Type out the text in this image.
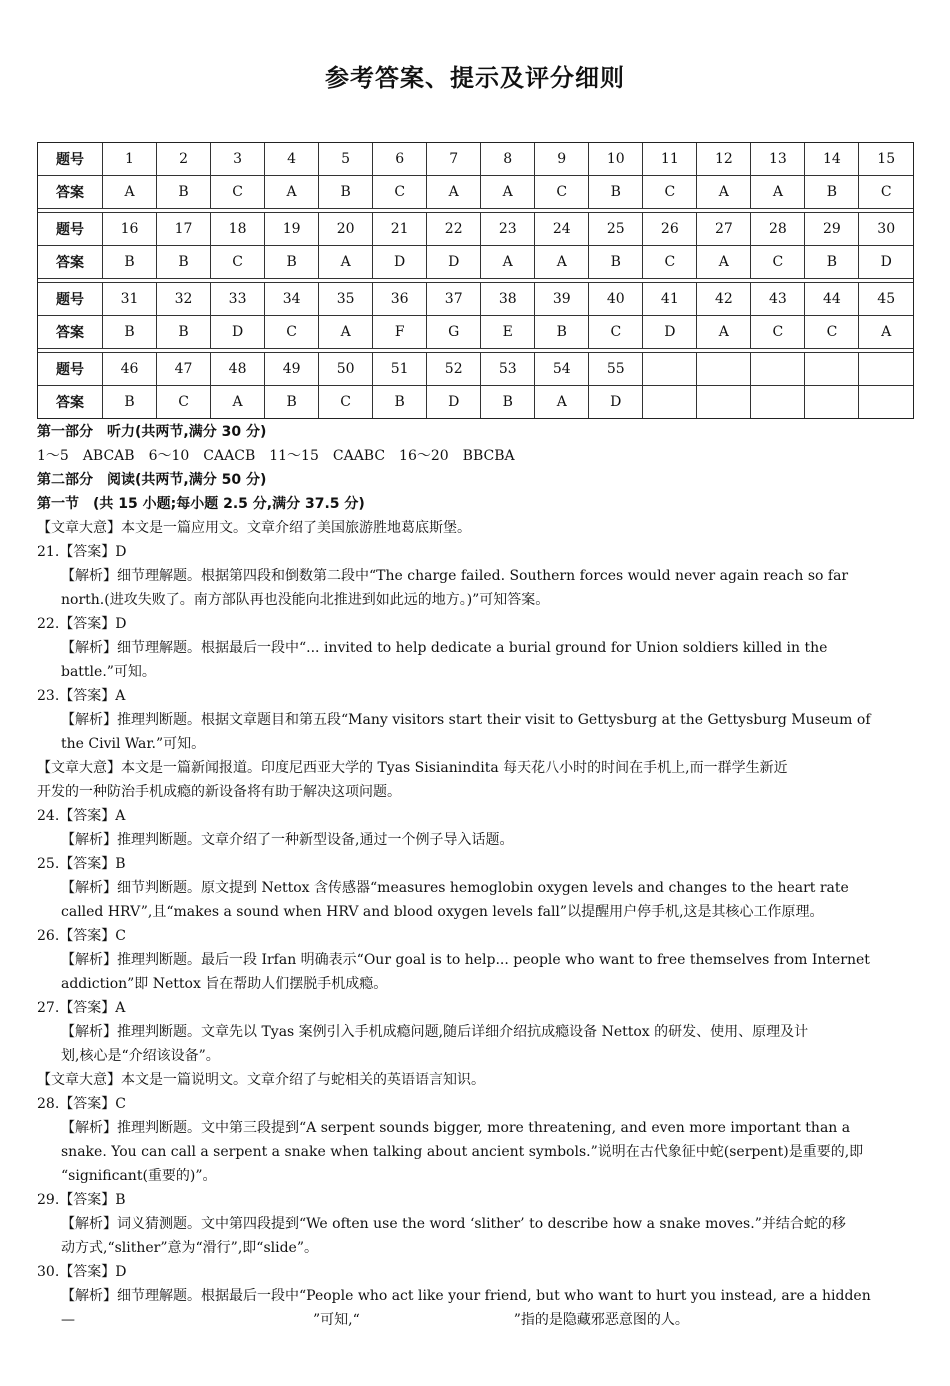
参考答案、提示及评分细则
题号	1	2	3	4	5	6	7	8	9	10	11	12	13	14	15
答案	A	B	C	A	B	C	A	A	C	B	C	A	A	B	C
题号	16	17	18	19	20	21	22	23	24	25	26	27	28	29	30
答案	B	B	C	B	A	D	D	A	A	B	C	A	C	B	D
题号	31	32	33	34	35	36	37	38	39	40	41	42	43	44	45
答案	B	B	D	C	A	F	G	E	B	C	D	A	C	C	A
题号	46	47	48	49	50	51	52	53	54	55					
答案	B	C	A	B	C	B	D	B	A	D					
第一部分　听力(共两节,满分 30 分)
1～5　ABCAB　6～10　CAACB　11～15　CAABC　16～20　BBCBA
第二部分　阅读(共两节,满分 50 分)
第一节　(共 15 小题;每小题 2.5 分,满分 37.5 分)
【文章大意】本文是一篇应用文。文章介绍了美国旅游胜地葛底斯堡。
21.【答案】D
【解析】细节理解题。根据第四段和倒数第二段中“The charge failed. Southern forces would never again reach so far
north.(进攻失败了。南方部队再也没能向北推进到如此远的地方。)”可知答案。
22.【答案】D
【解析】细节理解题。根据最后一段中“... invited to help dedicate a burial ground for Union soldiers killed in the
battle.”可知。
23.【答案】A
【解析】推理判断题。根据文章题目和第五段“Many visitors start their visit to Gettysburg at the Gettysburg Museum of
the Civil War.”可知。
【文章大意】本文是一篇新闻报道。印度尼西亚大学的 Tyas Sisianindita 每天花八小时的时间在手机上,而一群学生新近
开发的一种防治手机成瘾的新设备将有助于解决这项问题。
24.【答案】A
【解析】推理判断题。文章介绍了一种新型设备,通过一个例子导入话题。
25.【答案】B
【解析】细节判断题。原文提到 Nettox 含传感器“measures hemoglobin oxygen levels and changes to the heart rate
called HRV”,且“makes a sound when HRV and blood oxygen levels fall”以提醒用户停手机,这是其核心工作原理。
26.【答案】C
【解析】推理判断题。最后一段 Irfan 明确表示“Our goal is to help... people who want to free themselves from Internet
addiction”即 Nettox 旨在帮助人们摆脱手机成瘾。
27.【答案】A
【解析】推理判断题。文章先以 Tyas 案例引入手机成瘾问题,随后详细介绍抗成瘾设备 Nettox 的研发、使用、原理及计
划,核心是“介绍该设备”。
【文章大意】本文是一篇说明文。文章介绍了与蛇相关的英语语言知识。
28.【答案】C
【解析】推理判断题。文中第三段提到“A serpent sounds bigger, more threatening, and even more important than a
snake. You can call a serpent a snake when talking about ancient symbols.”说明在古代象征中蛇(serpent)是重要的,即
“significant(重要的)”。
29.【答案】B
【解析】词义猜测题。文中第四段提到“We often use the word ‘slither’ to describe how a snake moves.”并结合蛇的移
动方式,“slither”意为“滑行”,即“slide”。
30.【答案】D
【解析】细节理解题。根据最后一段中“People who act like your friend, but who want to hurt you instead, are a hidden
—　　　　　　　　　　　　　　　　　”可知,“　　　　　　　　　　　”指的是隐藏邪恶意图的人。
